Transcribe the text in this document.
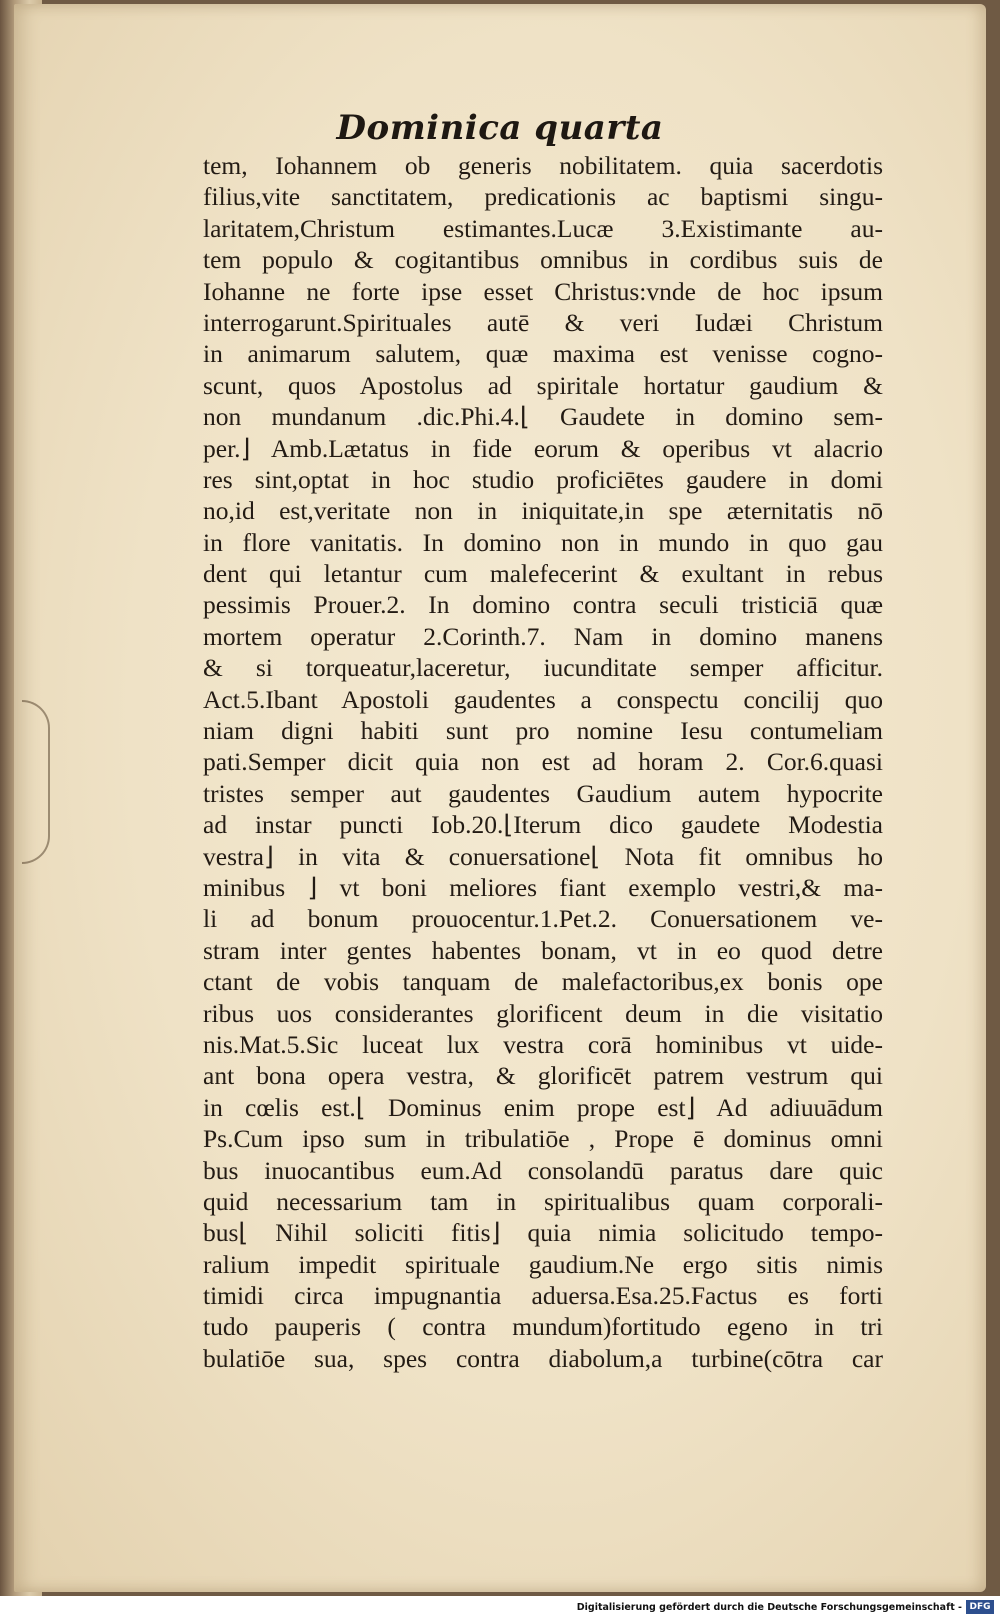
Dominica quarta
tem, Iohannem ob generis nobilitatem. quia sacerdotis
filius,vite sanctitatem, predicationis ac baptismi singu-
laritatem,Christum estimantes.Lucæ 3.Existimante au-
tem populo & cogitantibus omnibus in cordibus suis de
Iohanne ne forte ipse esset Christus:vnde de hoc ipsum
interrogarunt.Spirituales autē & veri Iudæi Christum
in animarum salutem, quæ maxima est venisse cogno-
scunt, quos Apostolus ad spiritale hortatur gaudium &
non mundanum .dic.Phi.4.⌊ Gaudete in domino sem-
per.⌋ Amb.Lætatus in fide eorum & operibus vt alacrio
res sint,optat in hoc studio proficiētes gaudere in domi
no,id est,veritate non in iniquitate,in spe æternitatis nō
in flore vanitatis. In domino non in mundo in quo gau
dent qui letantur cum malefecerint & exultant in rebus
pessimis Prouer.2. In domino contra seculi tristiciā quæ
mortem operatur 2.Corinth.7. Nam in domino manens
& si torqueatur,laceretur, iucunditate semper afficitur.
Act.5.Ibant Apostoli gaudentes a conspectu concilij quo
niam digni habiti sunt pro nomine Iesu contumeliam
pati.Semper dicit quia non est ad horam 2. Cor.6.quasi
tristes semper aut gaudentes Gaudium autem hypocrite
ad instar puncti Iob.20.⌊Iterum dico gaudete Modestia
vestra⌋ in vita & conuersatione⌊ Nota fit omnibus ho
minibus ⌋ vt boni meliores fiant exemplo vestri,& ma-
li ad bonum prouocentur.1.Pet.2. Conuersationem ve-
stram inter gentes habentes bonam, vt in eo quod detre
ctant de vobis tanquam de malefactoribus,ex bonis ope
ribus uos considerantes glorificent deum in die visitatio
nis.Mat.5.Sic luceat lux vestra corā hominibus vt uide-
ant bona opera vestra, & glorificēt patrem vestrum qui
in cœlis est.⌊ Dominus enim prope est⌋ Ad adiuuādum
Ps.Cum ipso sum in tribulatiōe , Prope ē dominus omni
bus inuocantibus eum.Ad consolandū paratus dare quic
quid necessarium tam in spiritualibus quam corporali-
bus⌊ Nihil soliciti fitis⌋ quia nimia solicitudo tempo-
ralium impedit spirituale gaudium.Ne ergo sitis nimis
timidi circa impugnantia aduersa.Esa.25.Factus es forti
tudo pauperis ( contra mundum)fortitudo egeno in tri
bulatiōe sua, spes contra diabolum,a turbine(cōtra car
Digitalisierung gefördert durch die Deutsche Forschungsgemeinschaft - DFG
